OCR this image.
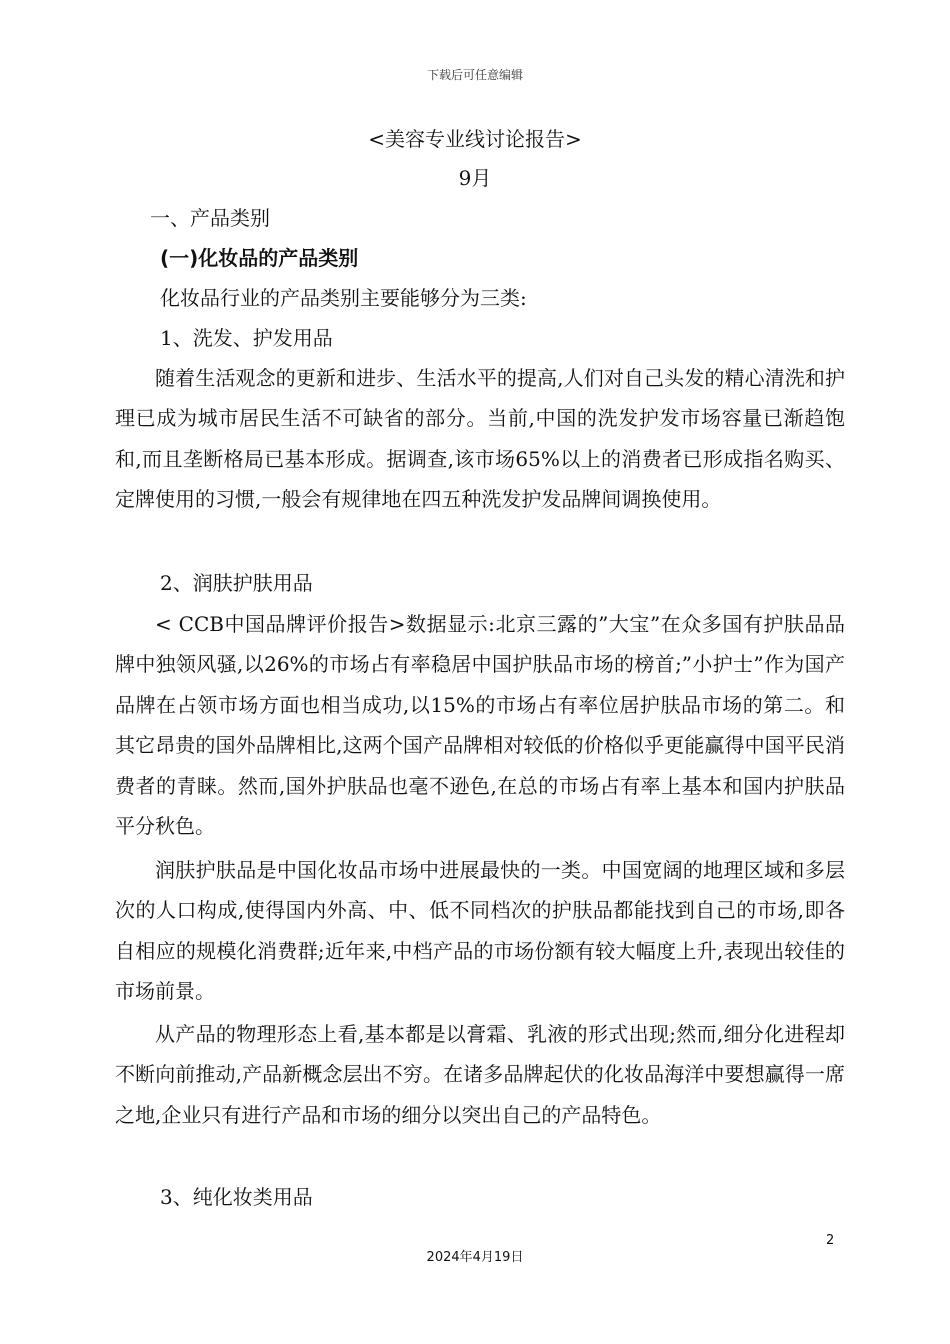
下载后可任意编辑
<美容专业线讨论报告>
9月
一、产品类别
(一)化妆品的产品类别
化妆品行业的产品类别主要能够分为三类:
1、洗发、护发用品

随着生活观念的更新和进步、生活水平的提高,人们对自己头发的精心清洗和护理已成为城市居民生活不可缺省的部分。当前,中国的洗发护发市场容量已渐趋饱和,而且垄断格局已基本形成。据调查,该市场65%以上的消费者已形成指名购买、定牌使用的习惯,一般会有规律地在四五种洗发护发品牌间调换使用。

2、润肤护肤用品

< CCB中国品牌评价报告>数据显示:北京三露的”大宝”在众多国有护肤品品牌中独领风骚,以26%的市场占有率稳居中国护肤品市场的榜首;”小护士”作为国产品牌在占领市场方面也相当成功,以15%的市场占有率位居护肤品市场的第二。和其它昂贵的国外品牌相比,这两个国产品牌相对较低的价格似乎更能赢得中国平民消费者的青睐。然而,国外护肤品也毫不逊色,在总的市场占有率上基本和国内护肤品平分秋色。

润肤护肤品是中国化妆品市场中进展最快的一类。中国宽阔的地理区域和多层次的人口构成,使得国内外高、中、低不同档次的护肤品都能找到自己的市场,即各自相应的规模化消费群;近年来,中档产品的市场份额有较大幅度上升,表现出较佳的市场前景。

从产品的物理形态上看,基本都是以膏霜、乳液的形式出现;然而,细分化进程却不断向前推动,产品新概念层出不穷。在诸多品牌起伏的化妆品海洋中要想赢得一席之地,企业只有进行产品和市场的细分以突出自己的产品特色。

3、纯化妆类用品
2
2024年4月19日
